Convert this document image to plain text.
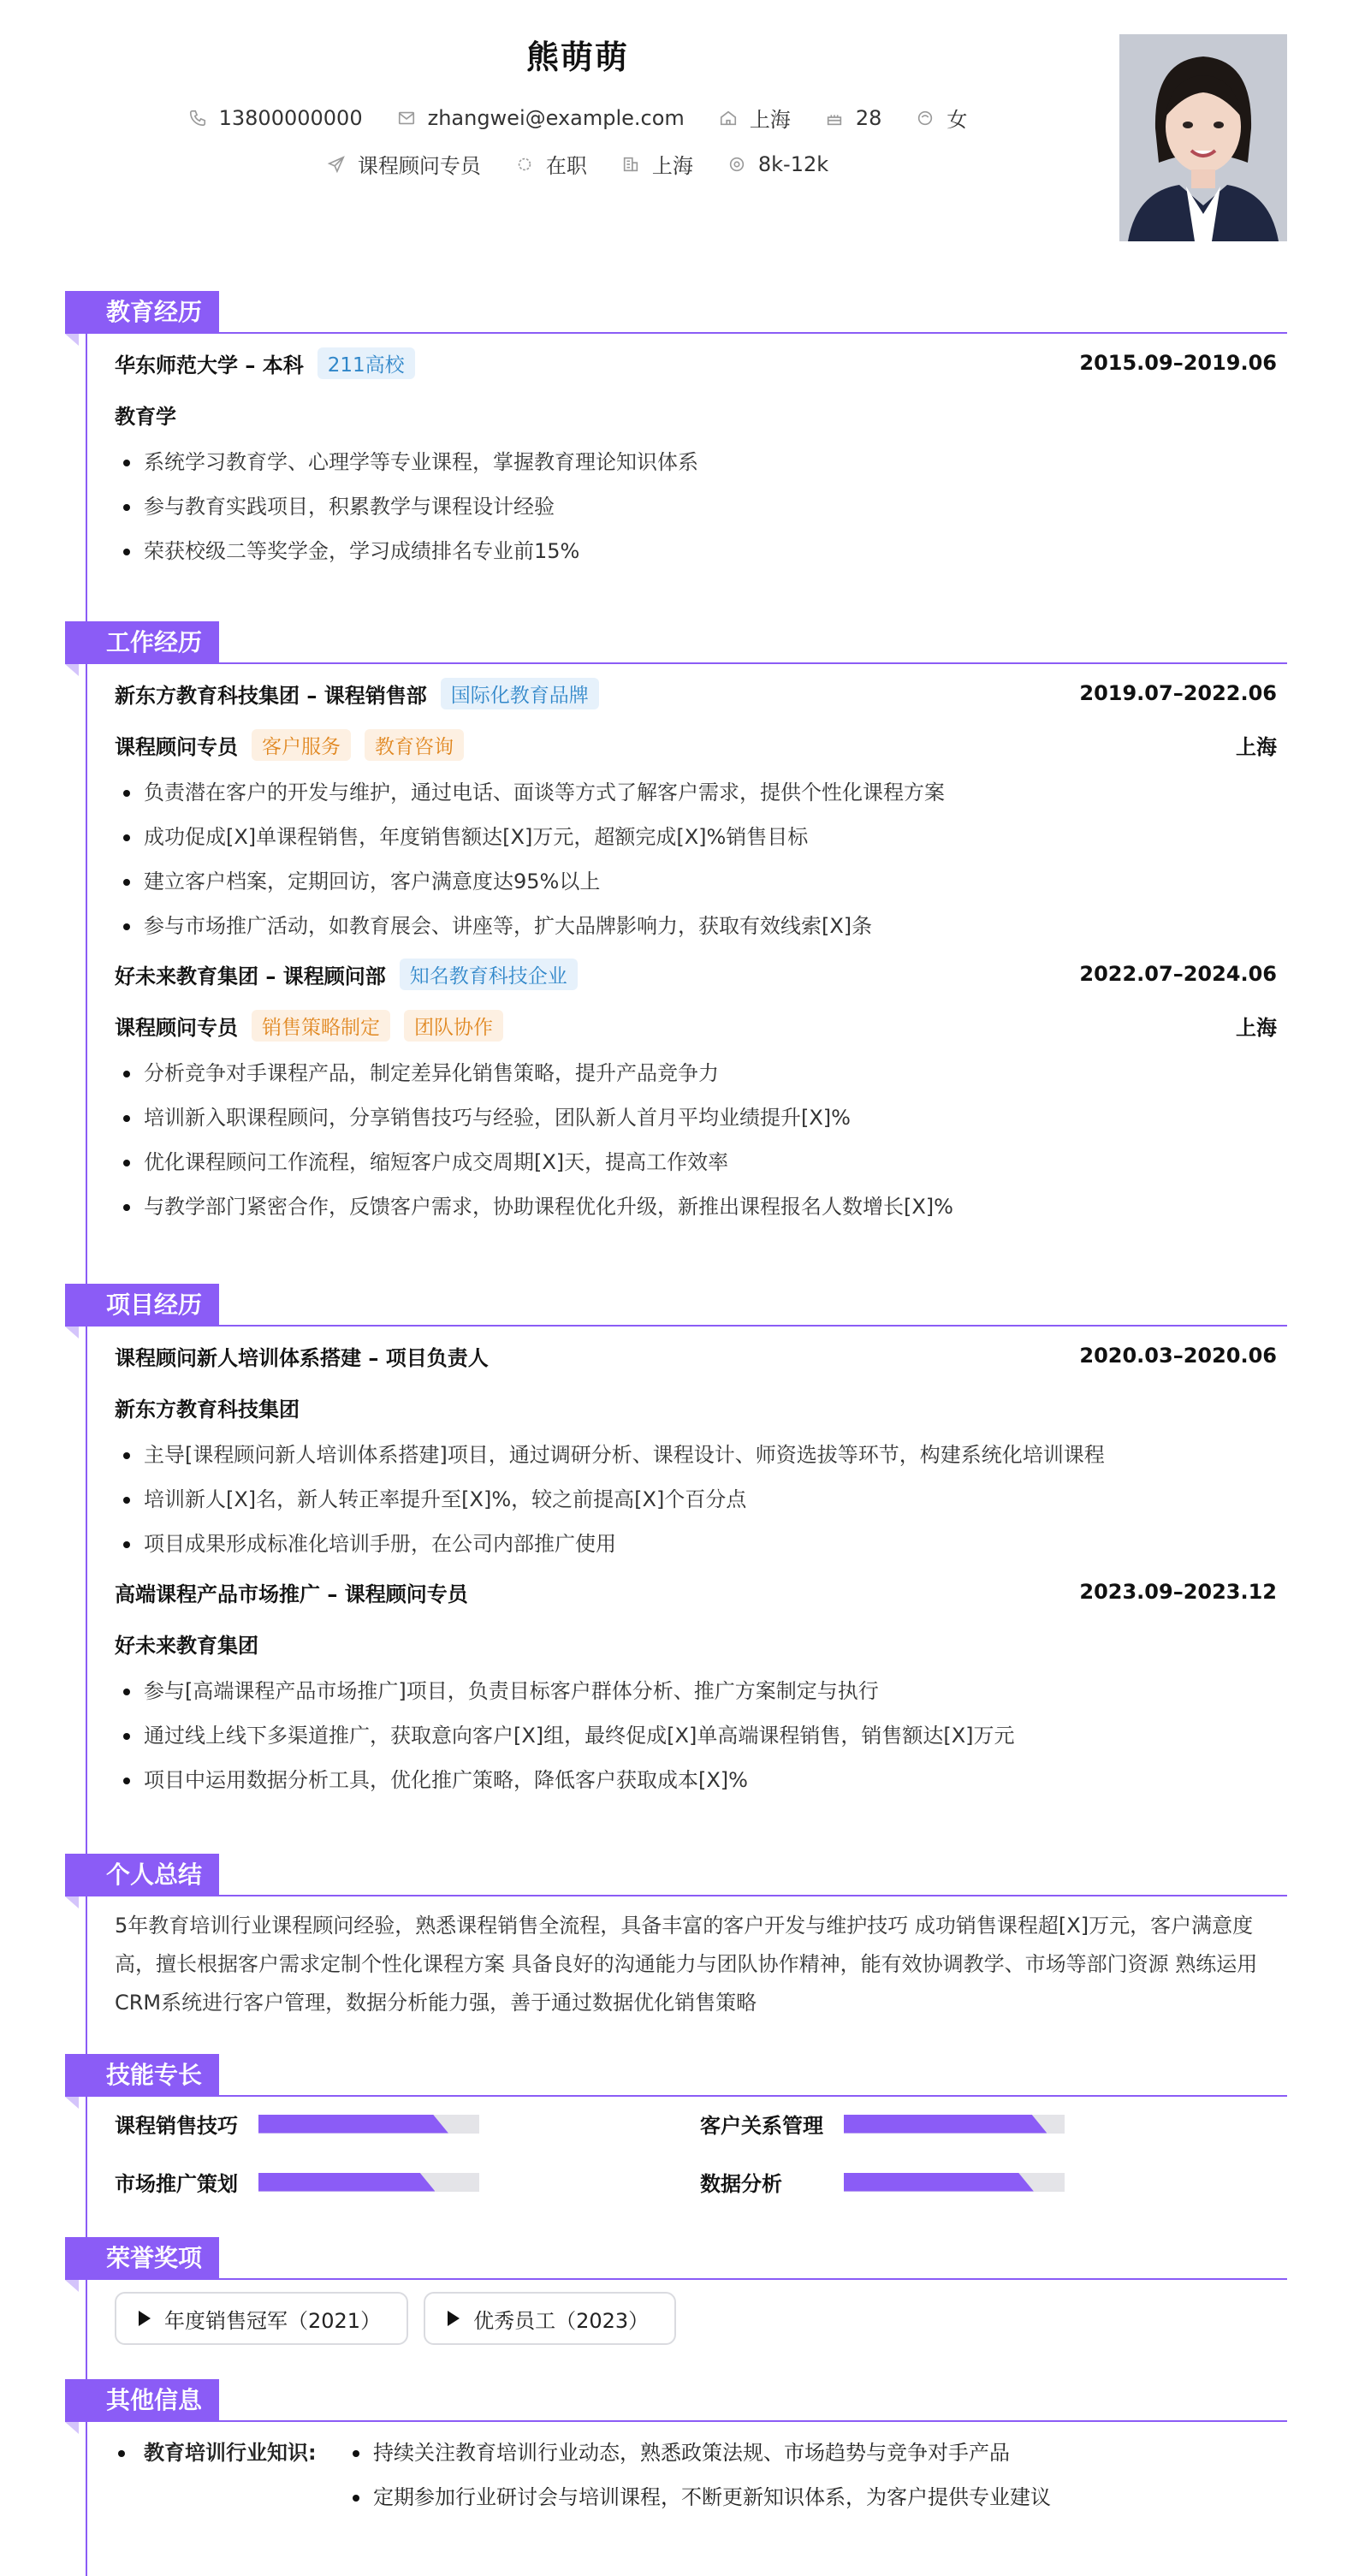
熊萌萌
13800000000	zhangwei@example.com	上海	28	女
课程顾问专员	在职	上海	8k-12k
教育经历
华东师范大学 – 本科	211高校	2015.09–2019.06
教育学
系统学习教育学、心理学等专业课程，掌握教育理论知识体系
参与教育实践项目，积累教学与课程设计经验
荣获校级二等奖学金，学习成绩排名专业前15%
工作经历
新东方教育科技集团 – 课程销售部	国际化教育品牌	2019.07–2022.06
课程顾问专员	客户服务	教育咨询	上海
负责潜在客户的开发与维护，通过电话、面谈等方式了解客户需求，提供个性化课程方案
成功促成[X]单课程销售，年度销售额达[X]万元，超额完成[X]%销售目标
建立客户档案，定期回访，客户满意度达95%以上
参与市场推广活动，如教育展会、讲座等，扩大品牌影响力，获取有效线索[X]条
好未来教育集团 – 课程顾问部	知名教育科技企业	2022.07–2024.06
课程顾问专员	销售策略制定	团队协作	上海
分析竞争对手课程产品，制定差异化销售策略，提升产品竞争力
培训新入职课程顾问，分享销售技巧与经验，团队新人首月平均业绩提升[X]%
优化课程顾问工作流程，缩短客户成交周期[X]天，提高工作效率
与教学部门紧密合作，反馈客户需求，协助课程优化升级，新推出课程报名人数增长[X]%
项目经历
课程顾问新人培训体系搭建 – 项目负责人	2020.03–2020.06
新东方教育科技集团
主导[课程顾问新人培训体系搭建]项目，通过调研分析、课程设计、师资选拔等环节，构建系统化培训课程
培训新人[X]名，新人转正率提升至[X]%，较之前提高[X]个百分点
项目成果形成标准化培训手册，在公司内部推广使用
高端课程产品市场推广 – 课程顾问专员	2023.09–2023.12
好未来教育集团
参与[高端课程产品市场推广]项目，负责目标客户群体分析、推广方案制定与执行
通过线上线下多渠道推广，获取意向客户[X]组，最终促成[X]单高端课程销售，销售额达[X]万元
项目中运用数据分析工具，优化推广策略，降低客户获取成本[X]%
个人总结
5年教育培训行业课程顾问经验，熟悉课程销售全流程，具备丰富的客户开发与维护技巧 成功销售课程超[X]万元，客户满意度高，擅长根据客户需求定制个性化课程方案 具备良好的沟通能力与团队协作精神，能有效协调教学、市场等部门资源 熟练运用CRM系统进行客户管理，数据分析能力强，善于通过数据优化销售策略
技能专长
课程销售技巧	客户关系管理
市场推广策划	数据分析
荣誉奖项
年度销售冠军（2021）	优秀员工（2023）
其他信息
教育培训行业知识:	持续关注教育培训行业动态，熟悉政策法规、市场趋势与竞争对手产品
定期参加行业研讨会与培训课程，不断更新知识体系，为客户提供专业建议
